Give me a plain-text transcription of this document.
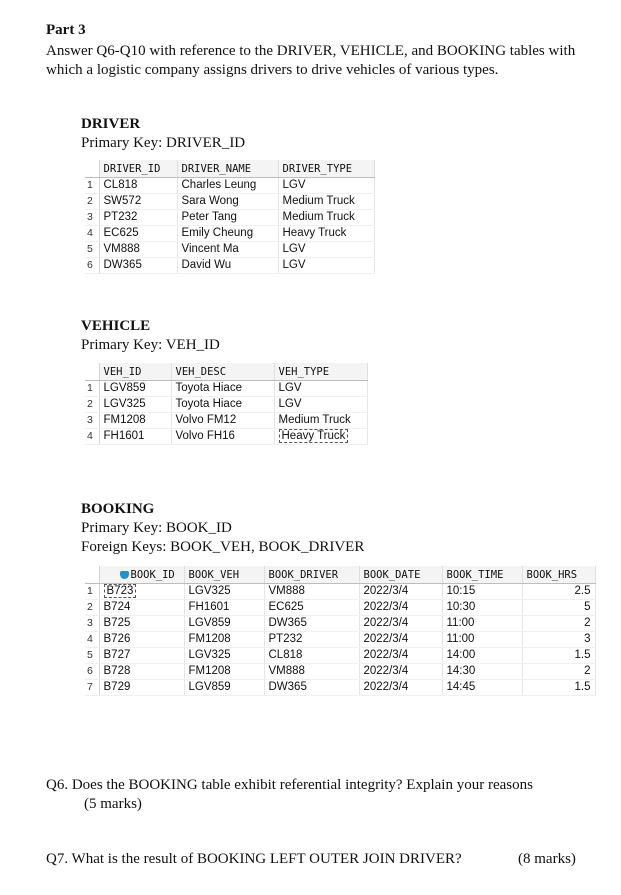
Part 3
Answer Q6-Q10 with reference to the DRIVER, VEHICLE, and BOOKING tables with which a logistic company assigns drivers to drive vehicles of various types.
DRIVER
Primary Key: DRIVER_ID
	DRIVER_ID	DRIVER_NAME	DRIVER_TYPE
1	CL818	Charles Leung	LGV
2	SW572	Sara Wong	Medium Truck
3	PT232	Peter Tang	Medium Truck
4	EC625	Emily Cheung	Heavy Truck
5	VM888	Vincent Ma	LGV
6	DW365	David Wu	LGV
VEHICLE
Primary Key: VEH_ID
	VEH_ID	VEH_DESC	VEH_TYPE
1	LGV859	Toyota Hiace	LGV
2	LGV325	Toyota Hiace	LGV
3	FM1208	Volvo FM12	Medium Truck
4	FH1601	Volvo FH16	Heavy Truck
BOOKING
Primary Key: BOOK_ID
Foreign Keys: BOOK_VEH, BOOK_DRIVER
	BOOK_ID	BOOK_VEH	BOOK_DRIVER	BOOK_DATE	BOOK_TIME	BOOK_HRS
1	B723	LGV325	VM888	2022/3/4	10:15	2.5
2	B724	FH1601	EC625	2022/3/4	10:30	5
3	B725	LGV859	DW365	2022/3/4	11:00	2
4	B726	FM1208	PT232	2022/3/4	11:00	3
5	B727	LGV325	CL818	2022/3/4	14:00	1.5
6	B728	FM1208	VM888	2022/3/4	14:30	2
7	B729	LGV859	DW365	2022/3/4	14:45	1.5
Q6. Does the BOOKING table exhibit referential integrity? Explain your reasons
(5 marks)
Q7. What is the result of BOOKING LEFT OUTER JOIN DRIVER?	(8 marks)
